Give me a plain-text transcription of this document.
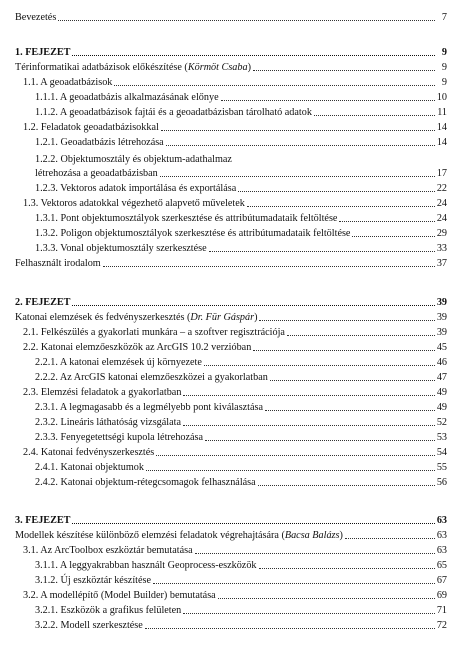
Bevezetés	7
1. FEJEZET	9
Térinformatikai adatbázisok előkészítése (Körmöt Csaba)	9
1.1. A geoadatbázisok	9
1.1.1. A geoadatbázis alkalmazásának előnye	10
1.1.2. A geoadatbázisok fajtái és a geoadatbázisban tárolható adatok	11
1.2. Feladatok geoadatbázisokkal	14
1.2.1. Geoadatbázis létrehozása	14
1.2.2. Objektumosztály és objektum-adathalmaz
létrehozása a geoadatbázisban	17
1.2.3. Vektoros adatok importálása és exportálása	22
1.3. Vektoros adatokkal végezhető alapvető műveletek	24
1.3.1. Pont objektumosztályok szerkesztése és attribútumadataik feltöltése	24
1.3.2. Poligon objektumosztályok szerkesztése és attribútumadataik feltöltése	29
1.3.3. Vonal objektumosztály szerkesztése	33
Felhasznált irodalom	37
2. FEJEZET	39
Katonai elemzések és fedvényszerkesztés (Dr. Für Gáspár)	39
2.1. Felkészülés a gyakorlati munkára – a szoftver regisztrációja	39
2.2. Katonai elemzőeszközök az ArcGIS 10.2 verzióban	45
2.2.1. A katonai elemzések új környezete	46
2.2.2. Az ArcGIS katonai elemzőeszközei a gyakorlatban	47
2.3. Elemzési feladatok a gyakorlatban	49
2.3.1. A legmagasabb és a legmélyebb pont kiválasztása	49
2.3.2. Lineáris láthatóság vizsgálata	52
2.3.3. Fenyegetettségi kupola létrehozása	53
2.4. Katonai fedvényszerkesztés	54
2.4.1. Katonai objektumok	55
2.4.2. Katonai objektum-rétegcsomagok felhasználása	56
3. FEJEZET	63
Modellek készítése különböző elemzési feladatok végrehajtására (Bacsa Balázs)	63
3.1. Az ArcToolbox eszköztár bemutatása	63
3.1.1. A leggyakrabban használt Geoprocess-eszközök	65
3.1.2. Új eszköztár készítése	67
3.2. A modellépítő (Model Builder) bemutatása	69
3.2.1. Eszközök a grafikus felületen	71
3.2.2. Modell szerkesztése	72
